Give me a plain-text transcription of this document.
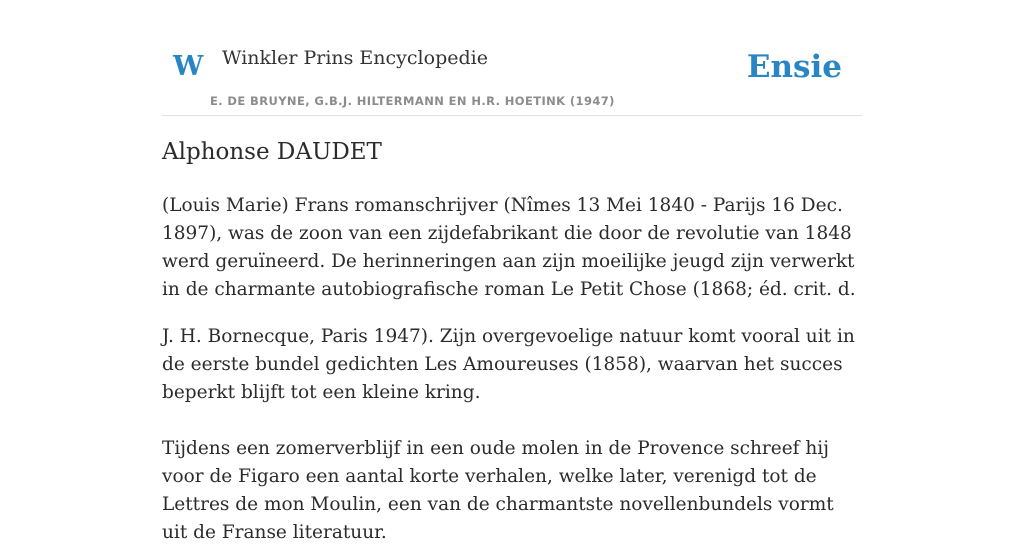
W Winkler Prins Encyclopedie
E. DE BRUYNE, G.B.J. HILTERMANN EN H.R. HOETINK (1947)
Ensie
Alphonse DAUDET

(Louis Marie) Frans romanschrijver (Nîmes 13 Mei 1840 - Parijs 16 Dec. 1897), was de zoon van een zijdefabrikant die door de revolutie van 1848 werd geruïneerd. De herinneringen aan zijn moeilijke jeugd zijn verwerkt in de charmante autobiografische roman Le Petit Chose (1868; éd. crit. d.

J. H. Bornecque, Paris 1947). Zijn overgevoelige natuur komt vooral uit in de eerste bundel gedichten Les Amoureuses (1858), waarvan het succes beperkt blijft tot een kleine kring.

Tijdens een zomerverblijf in een oude molen in de Provence schreef hij voor de Figaro een aantal korte verhalen, welke later, verenigd tot de Lettres de mon Moulin, een van de charmantste novellenbundels vormt uit de Franse literatuur.
